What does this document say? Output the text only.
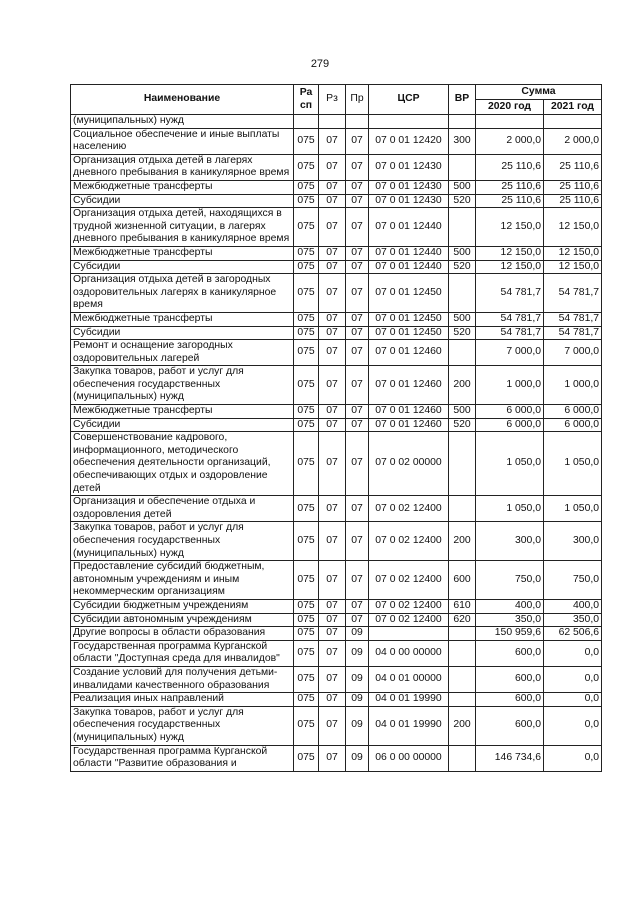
279
Наименование	Ра сп	Рз	Пр	ЦСР	ВР	Сумма	
						2020 год	2021 год
(муниципальных) нужд							
Социальное обеспечение и иные выплаты населению	075	07	07	07 0 01 12420	300	2 000,0	2 000,0
Организация отдыха детей в лагерях дневного пребывания в каникулярное время	075	07	07	07 0 01 12430		25 110,6	25 110,6
Межбюджетные трансферты	075	07	07	07 0 01 12430	500	25 110,6	25 110,6
Субсидии	075	07	07	07 0 01 12430	520	25 110,6	25 110,6
Организация отдыха детей, находящихся в трудной жизненной ситуации, в лагерях дневного пребывания в каникулярное время	075	07	07	07 0 01 12440		12 150,0	12 150,0
Межбюджетные трансферты	075	07	07	07 0 01 12440	500	12 150,0	12 150,0
Субсидии	075	07	07	07 0 01 12440	520	12 150,0	12 150,0
Организация отдыха детей в загородных оздоровительных лагерях в каникулярное время	075	07	07	07 0 01 12450		54 781,7	54 781,7
Межбюджетные трансферты	075	07	07	07 0 01 12450	500	54 781,7	54 781,7
Субсидии	075	07	07	07 0 01 12450	520	54 781,7	54 781,7
Ремонт и оснащение загородных оздоровительных лагерей	075	07	07	07 0 01 12460		7 000,0	7 000,0
Закупка товаров, работ и услуг для обеспечения государственных (муниципальных) нужд	075	07	07	07 0 01 12460	200	1 000,0	1 000,0
Межбюджетные трансферты	075	07	07	07 0 01 12460	500	6 000,0	6 000,0
Субсидии	075	07	07	07 0 01 12460	520	6 000,0	6 000,0
Совершенствование кадрового, информационного, методического обеспечения деятельности организаций, обеспечивающих отдых и оздоровление детей	075	07	07	07 0 02 00000		1 050,0	1 050,0
Организация и обеспечение отдыха и оздоровления детей	075	07	07	07 0 02 12400		1 050,0	1 050,0
Закупка товаров, работ и услуг для обеспечения государственных (муниципальных) нужд	075	07	07	07 0 02 12400	200	300,0	300,0
Предоставление субсидий бюджетным, автономным учреждениям и иным некоммерческим организациям	075	07	07	07 0 02 12400	600	750,0	750,0
Субсидии бюджетным учреждениям	075	07	07	07 0 02 12400	610	400,0	400,0
Субсидии автономным учреждениям	075	07	07	07 0 02 12400	620	350,0	350,0
Другие вопросы в области образования	075	07	09			150 959,6	62 506,6
Государственная программа Курганской области "Доступная среда для инвалидов"	075	07	09	04 0 00 00000		600,0	0,0
Создание условий для получения детьми-инвалидами качественного образования	075	07	09	04 0 01 00000		600,0	0,0
Реализация иных направлений	075	07	09	04 0 01 19990		600,0	0,0
Закупка товаров, работ и услуг для обеспечения государственных (муниципальных) нужд	075	07	09	04 0 01 19990	200	600,0	0,0
Государственная программа Курганской области "Развитие образования и	075	07	09	06 0 00 00000		146 734,6	0,0
